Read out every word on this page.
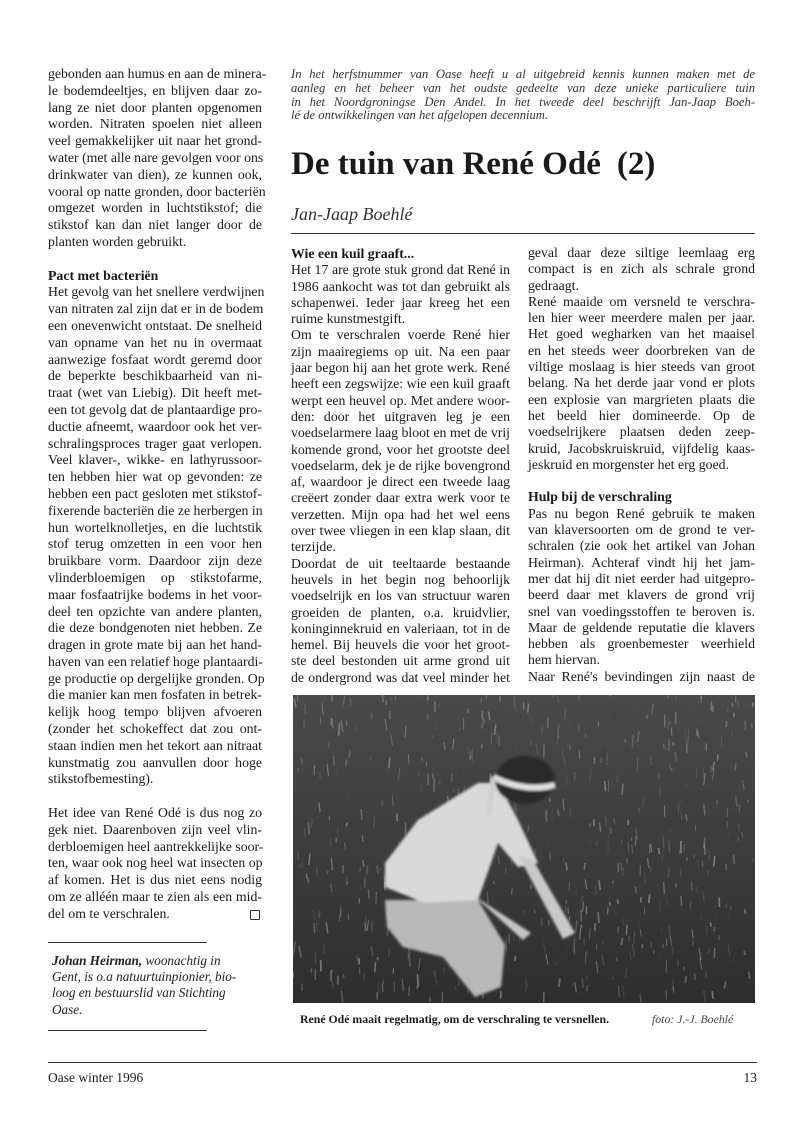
In het herfstnummer van Oase heeft u al uitgebreid kennis kunnen maken met de
aanleg en het beheer van het oudste gedeelte van deze unieke particuliere tuin
in het Noordgroningse Den Andel. In het tweede deel beschrijft Jan-Jaap Boeh-
lé de ontwikkelingen van het afgelopen decennium.
De tuin van René Odé (2)
Jan-Jaap Boehlé
gebonden aan humus en aan de minera-
le bodemdeeltjes, en blijven daar zo-
lang ze niet door planten opgenomen
worden. Nitraten spoelen niet alleen
veel gemakkelijker uit naar het grond-
water (met alle nare gevolgen voor ons
drinkwater van dien), ze kunnen ook,
vooral op natte gronden, door bacteriën
omgezet worden in luchtstikstof; die
stikstof kan dan niet langer door de
planten worden gebruikt.
Pact met bacteriën
Het gevolg van het snellere verdwijnen
van nitraten zal zijn dat er in de bodem
een onevenwicht ontstaat. De snelheid
van opname van het nu in overmaat
aanwezige fosfaat wordt geremd door
de beperkte beschikbaarheid van ni-
traat (wet van Liebig). Dit heeft met-
een tot gevolg dat de plantaardige pro-
ductie afneemt, waardoor ook het ver-
schralingsproces trager gaat verlopen.
Veel klaver-, wikke- en lathyrussoor-
ten hebben hier wat op gevonden: ze
hebben een pact gesloten met stikstof-
fixerende bacteriën die ze herbergen in
hun wortelknolletjes, en die luchtstik
stof terug omzetten in een voor hen
bruikbare vorm. Daardoor zijn deze
vlinderbloemigen op stikstofarme,
maar fosfaatrijke bodems in het voor-
deel ten opzichte van andere planten,
die deze bondgenoten niet hebben. Ze
dragen in grote mate bij aan het hand-
haven van een relatief hoge plantaardi-
ge productie op dergelijke gronden. Op
die manier kan men fosfaten in betrek-
kelijk hoog tempo blijven afvoeren
(zonder het schokeffect dat zou ont-
staan indien men het tekort aan nitraat
kunstmatig zou aanvullen door hoge
stikstofbemesting).
Het idee van René Odé is dus nog zo
gek niet. Daarenboven zijn veel vlin-
derbloemigen heel aantrekkelijke soor-
ten, waar ook nog heel wat insecten op
af komen. Het is dus niet eens nodig
om ze alléén maar te zien als een mid-
del om te verschralen.
Wie een kuil graaft...
Het 17 are grote stuk grond dat René in
1986 aankocht was tot dan gebruikt als
schapenwei. Ieder jaar kreeg het een
ruime kunstmestgift.
Om te verschralen voerde René hier
zijn maairegiems op uit. Na een paar
jaar begon hij aan het grote werk. René
heeft een zegswijze: wie een kuil graaft
werpt een heuvel op. Met andere woor-
den: door het uitgraven leg je een
voedselarmere laag bloot en met de vrij
komende grond, voor het grootste deel
voedselarm, dek je de rijke bovengrond
af, waardoor je direct een tweede laag
creëert zonder daar extra werk voor te
verzetten. Mijn opa had het wel eens
over twee vliegen in een klap slaan, dit
terzijde.
Doordat de uit teeltaarde bestaande
heuvels in het begin nog behoorlijk
voedselrijk en los van structuur waren
groeiden de planten, o.a. kruidvlier,
koninginnekruid en valeriaan, tot in de
hemel. Bij heuvels die voor het groot-
ste deel bestonden uit arme grond uit
de ondergrond was dat veel minder het
geval daar deze siltige leemlaag erg
compact is en zich als schrale grond
gedraagt.
René maaide om versneld te verschra-
len hier weer meerdere malen per jaar.
Het goed wegharken van het maaisel
en het steeds weer doorbreken van de
viltige moslaag is hier steeds van groot
belang. Na het derde jaar vond er plots
een explosie van margrieten plaats die
het beeld hier domineerde. Op de
voedselrijkere plaatsen deden zeep-
kruid, Jacobskruiskruid, vijfdelig kaas-
jeskruid en morgenster het erg goed.
Hulp bij de verschraling
Pas nu begon René gebruik te maken
van klaversoorten om de grond te ver-
schralen (zie ook het artikel van Johan
Heirman). Achteraf vindt hij het jam-
mer dat hij dit niet eerder had uitgepro-
beerd daar met klavers de grond vrij
snel van voedingsstoffen te beroven is.
Maar de geldende reputatie die klavers
hebben als groenbemester weerhield
hem hiervan.
Naar René's bevindingen zijn naast de
Johan Heirman, woonachtig in
Gent, is o.a natuurtuinpionier, bio-
loog en bestuurslid van Stichting
Oase.
René Odé maait regelmatig, om de verschraling te versnellen.	foto: J.-J. Boehlé
Oase winter 1996	13
